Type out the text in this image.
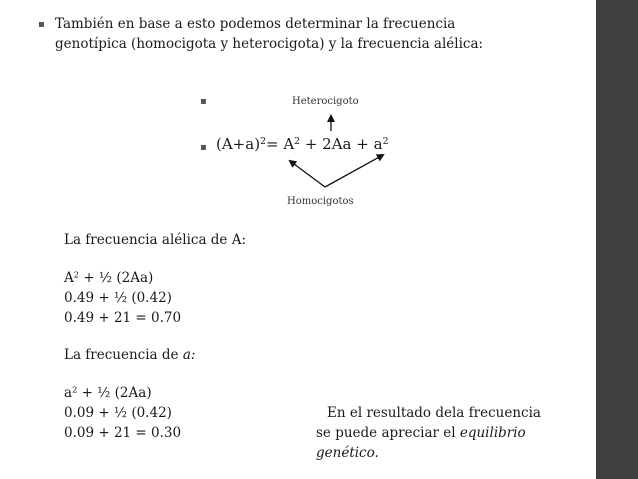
▪ También en base a esto podemos determinar la frecuencia
genotípica (homocigota y heterocigota) y la frecuencia alélica:
▪	Heterocigoto
▪ $(A+a)^2= A^2 + 2Aa + a^2$
Homocigotos
La frecuencia alélica de A:
$A^2$ + ½ (2Aa)
0.49 + ½ (0.42)
0.49 + 21 = 0.70
La frecuencia de a:
$a^2$ + ½ (2Aa)
0.09 + ½ (0.42)
0.09 + 21 = 0.30
En el resultado dela frecuencia
se puede apreciar el equilibrio
genético.
